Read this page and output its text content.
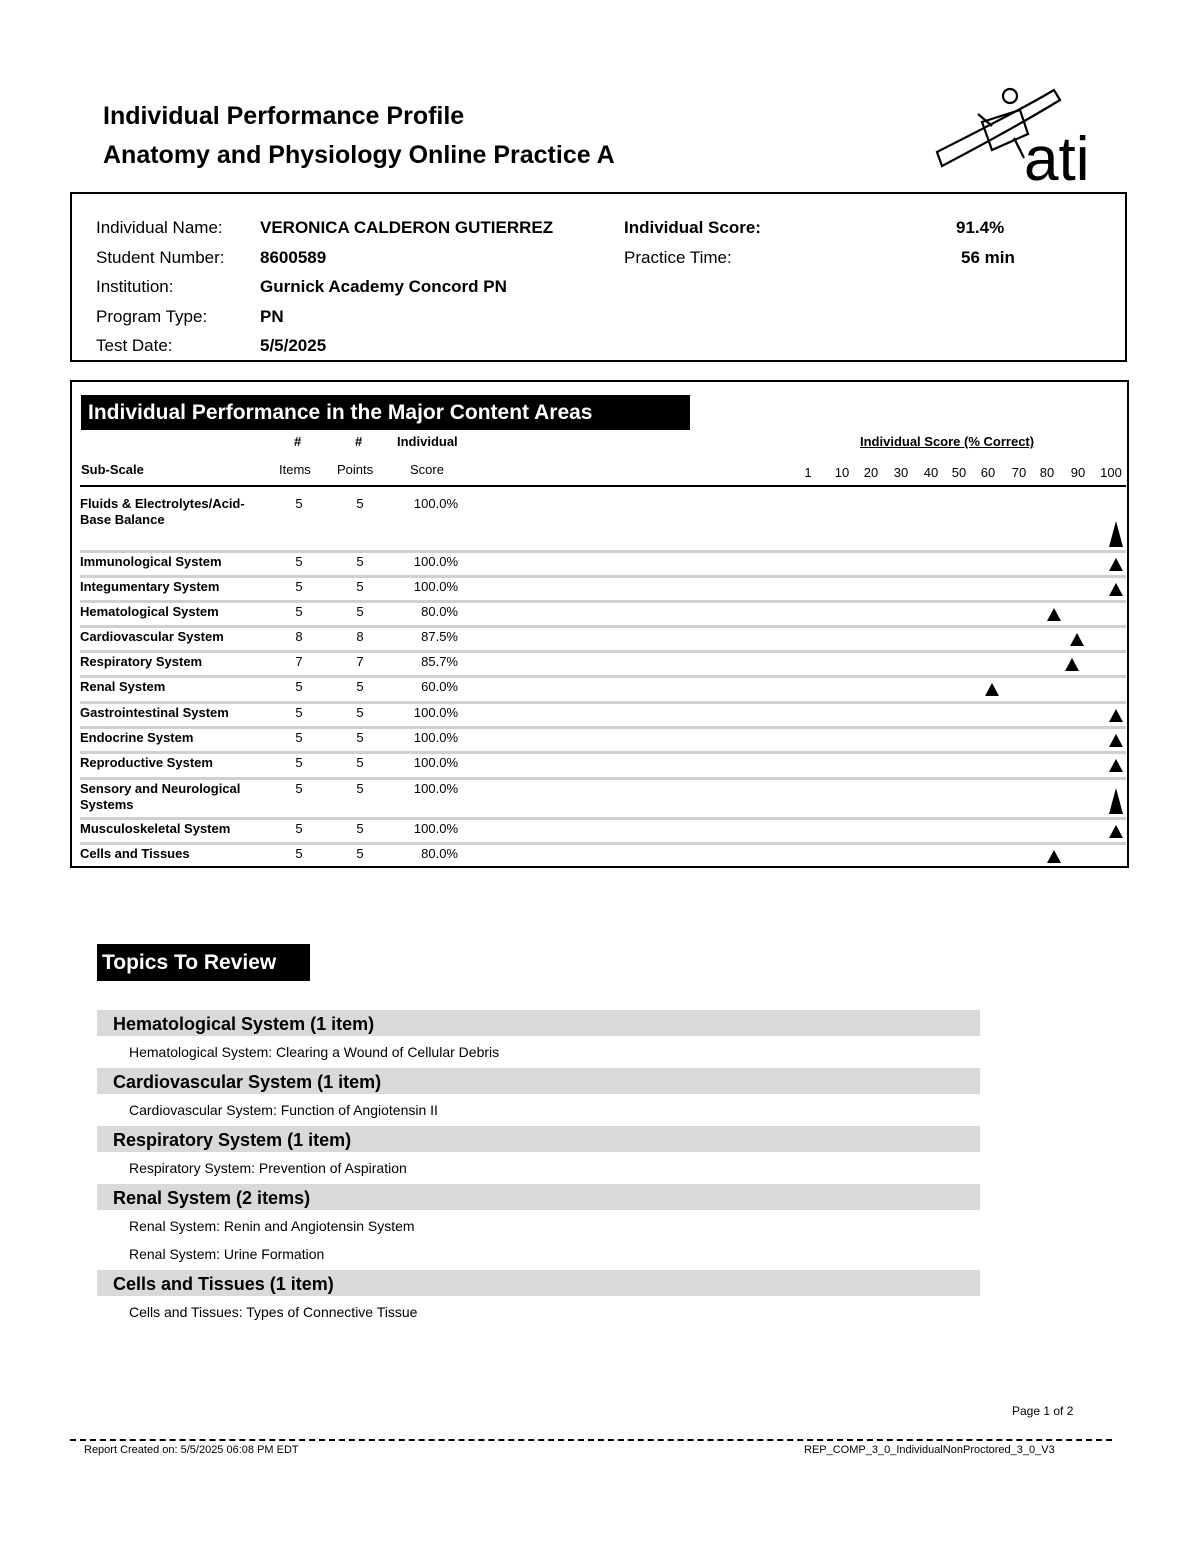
Individual Performance Profile
Anatomy and Physiology Online Practice A	ati
Individual Name: VERONICA CALDERON GUTIERREZ
Student Number: 8600589
Institution:	Gurnick Academy Concord PN
Program Type:	PN
Test Date:	5/5/2025
Individual Score:	91.4%
Practice Time:	56 min
Individual Performance in the Major Content Areas
#	#	Individual
Sub-Scale	Items Points	Score
Individual Score (% Correct)
1 10 20 30 40 50 60 70 80 90 100
Fluids & Electrolytes/Acid-Base Balance
5	5	100.0%
Immunological System	5	5	100.0%
Integumentary System	5	5	100.0%
Hematological System	5	5	80.0%
Cardiovascular System	8	8	87.5%
Respiratory System	7	7	85.7%
Renal System	5	5	60.0%
Gastrointestinal System	5	5	100.0%
Endocrine System	5	5	100.0%
Reproductive System	5	5	100.0%
Sensory and Neurological Systems
5	5	100.0%
Musculoskeletal System	5	5	100.0%
Cells and Tissues	5	5	80.0%
Topics To Review
Hematological System (1 item)
Hematological System: Clearing a Wound of Cellular Debris
Cardiovascular System (1 item)
Cardiovascular System: Function of Angiotensin II
Respiratory System (1 item)
Respiratory System: Prevention of Aspiration
Renal System (2 items)
Renal System: Renin and Angiotensin System
Renal System: Urine Formation
Cells and Tissues (1 item)
Cells and Tissues: Types of Connective Tissue
Page 1 of 2
Report Created on: 5/5/2025 06:08 PM EDT	REP_COMP_3_0_IndividualNonProctored_3_0_V3
